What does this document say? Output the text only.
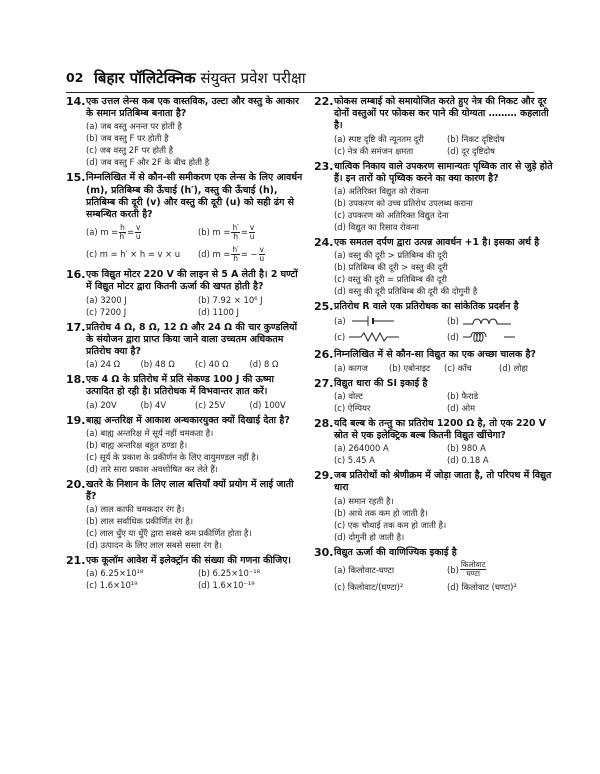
02 बिहार पॉलिटेक्निक संयुक्त प्रवेश परीक्षा
14. एक उत्तल लेन्स कब एक वास्तविक, उल्टा और वस्तु के आकार के समान प्रतिबिम्ब बनाता है?
(a) जब वस्तु अनन्त पर होती है
(b) जब वस्तु F पर होती है
(c) जब वस्तु 2F पर होती है
(d) जब वस्तु F और 2F के बीच होती है
15. निम्नलिखित में से कौन-सी समीकरण एक लेन्स के लिए आवर्धन (m), प्रतिबिम्ब की ऊँचाई (h′), वस्तु की ऊँचाई (h), प्रतिबिम्ब की दूरी (v) और वस्तु की दूरी (u) को सही ढंग से सम्बन्धित करती है?
(a) $m = \frac{h}{h'} = \frac{v}{u}$	(b) $m = \frac{h'}{h} = \frac{v}{u}$
(c) m = h′ × h = v × u	(d) $m = \frac{h'}{h}$ = − $\frac{v}{u}$
16. एक विद्युत मोटर 220 V की लाइन से 5 A लेती है। 2 घण्टों में विद्युत मोटर द्वारा कितनी ऊर्जा की खपत होती है?
(a) 3200 J	(b) 7.92 × 10⁶ J
(c) 7200 J	(d) 1100 J
17. प्रतिरोध 4 Ω, 8 Ω, 12 Ω और 24 Ω की चार कुण्डलियों के संयोजन द्वारा प्राप्त किया जाने वाला उच्चतम अधिकतम प्रतिरोध क्या है?
(a) 24 Ω	(b) 48 Ω	(c) 40 Ω	(d) 8 Ω
18. एक 4 Ω के प्रतिरोध में प्रति सेकण्ड 100 J की ऊष्मा उत्पादित हो रही है। प्रतिरोधक में विभवान्तर ज्ञात करें।
(a) 20V	(b) 4V	(c) 25V	(d) 100V
19. बाह्य अन्तरिक्ष में आकाश अन्धकारयुक्त क्यों दिखाई देता है?
(a) बाह्य अन्तरिक्ष में सूर्य नहीं चमकता है।
(b) बाह्य अन्तरिक्ष बहुत ठण्डा है।
(c) सूर्य के प्रकाश के प्रकीर्णन के लिए वायुमण्डल नहीं है।
(d) तारे सारा प्रकाश अवशोषित कर लेते हैं।
20. खतरे के निशान के लिए लाल बत्तियाँ क्यों प्रयोग में लाई जाती हैं?
(a) लाल काफी चमकदार रंग है।
(b) लाल सर्वाधिक प्रकीर्णित रंग है।
(c) लाल धुँए या धुँएँ द्वारा सबसे कम प्रकीर्णित होता है।
(d) उत्पादन के लिए लाल सबसे सस्ता रंग है।
21. एक कूलॉम आवेश में इलेक्ट्रॉन की संख्या की गणना कीजिए।
(a) 6.25×10¹⁸	(b) 6.25×10⁻¹⁸
(c) 1.6×10¹⁹	(d) 1.6×10⁻¹⁹
22. फोकस लम्बाई को समायोजित करते हुए नेत्र की निकट और दूर दोनों वस्तुओं पर फोकस कर पाने की योग्यता ……… कहलाती है।
(a) स्पष्ट दृष्टि की न्यूनतम दूरी	(b) निकट दृष्टिदोष
(c) नेत्र की समंजन क्षमता	(d) दूर दृष्टिदोष
23. धात्विक निकाय वाले उपकरण सामान्यतः पृथ्विक तार से जुड़े होते हैं। इन तारों को पृथ्विक करने का क्या कारण है?
(a) अतिरिक्त विद्युत को रोकना
(b) उपकरण को उच्च प्रतिरोध उपलब्ध कराना
(c) उपकरण को अतिरिक्त विद्युत देना
(d) विद्युत का रिसाव रोकना
24. एक समतल दर्पण द्वारा उत्पन्न आवर्धन +1 है। इसका अर्थ है
(a) वस्तु की दूरी > प्रतिबिम्ब की दूरी
(b) प्रतिबिम्ब की दूरी > वस्तु की दूरी
(c) वस्तु की दूरी = प्रतिबिम्ब की दूरी
(d) वस्तु की दूरी प्रतिबिम्ब की दूरी की दोगुनी है
25. प्रतिरोध R वाले एक प्रतिरोधक का सांकेतिक प्रदर्शन है
(a)	(b)
(c)	(d)
26. निम्नलिखित में से कौन-सा विद्युत का एक अच्छा चालक है?
(a) कागज	(b) एबोनाइट	(c) काँच	(d) लोहा
27. विद्युत धारा की SI इकाई है
(a) वोल्ट	(b) फैराडे
(c) ऐम्पियर	(d) ओम
28. यदि बल्ब के तन्तु का प्रतिरोध 1200 Ω है, तो एक 220 V स्रोत से एक इलेक्ट्रिक बल्ब कितनी विद्युत खींचेगा?
(a) 264000 A	(b) 980 A
(c) 5.45 A	(d) 0.18 A
29. जब प्रतिरोधों को श्रेणीक्रम में जोड़ा जाता है, तो परिपथ में विद्युत धारा
(a) समान रहती है।
(b) आधे तक कम हो जाती है।
(c) एक चौथाई तक कम हो जाती है।
(d) दोगुनी हो जाती है।
30. विद्युत ऊर्जा की वाणिज्यिक इकाई है
(a) किलोवाट-घण्टा	$(b) \frac{\text{किलोवाट}}{\text{घण्टा}}$
(c) किलोवाट/(घण्टा)²	(d) किलोवाट (घण्टा)²
